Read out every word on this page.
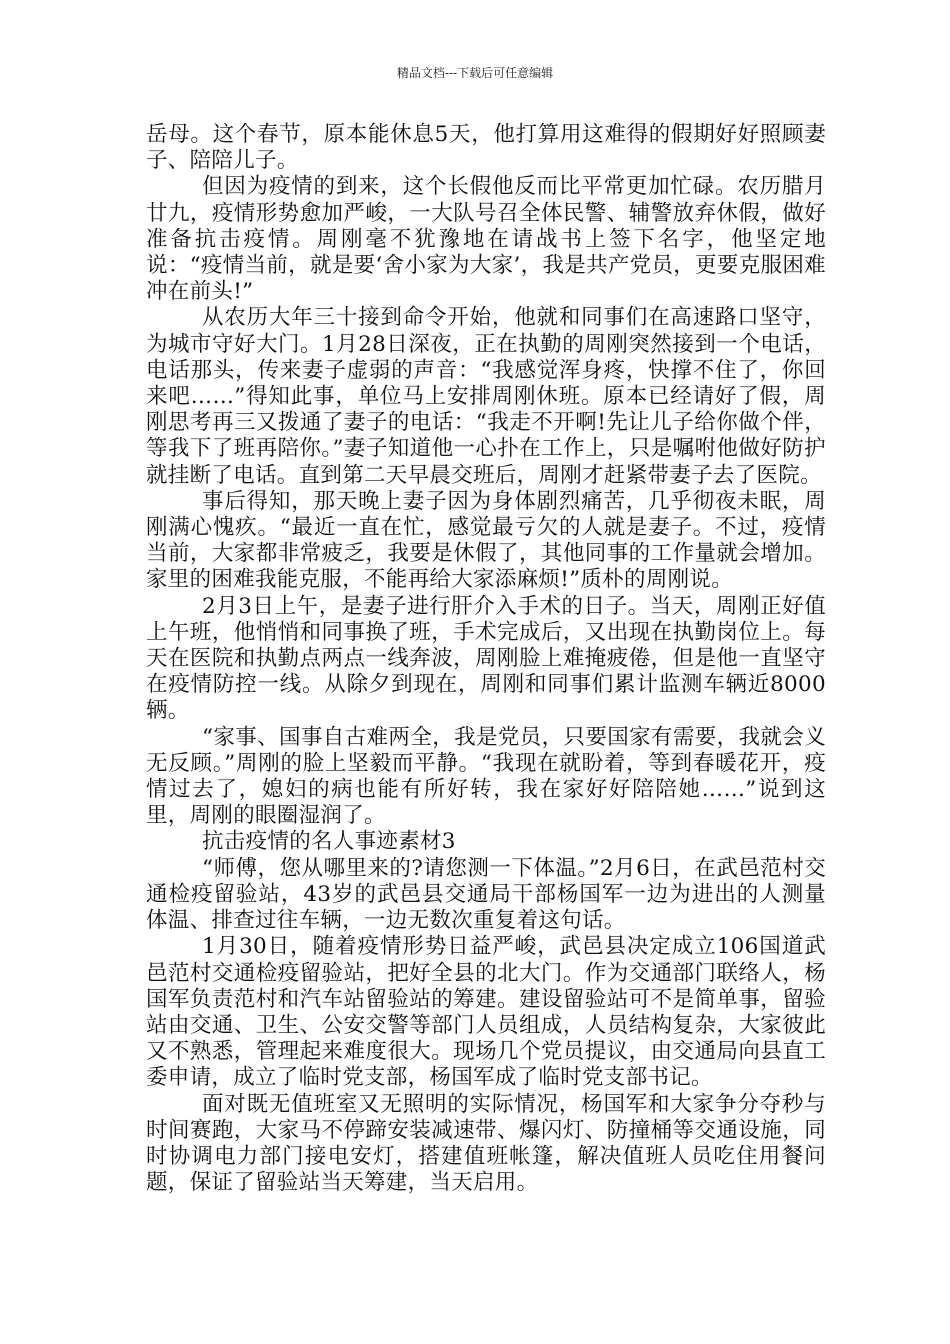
精品文档---下载后可任意编辑

岳母。这个春节，原本能休息5天，他打算用这难得的假期好好照顾妻子、陪陪儿子。

但因为疫情的到来，这个长假他反而比平常更加忙碌。农历腊月廿九，疫情形势愈加严峻，一大队号召全体民警、辅警放弃休假，做好准备抗击疫情。周刚毫不犹豫地在请战书上签下名字，他坚定地说：“疫情当前，就是要‘舍小家为大家’，我是共产党员，更要克服困难冲在前头!”

从农历大年三十接到命令开始，他就和同事们在高速路口坚守，为城市守好大门。1月28日深夜，正在执勤的周刚突然接到一个电话，电话那头，传来妻子虚弱的声音：“我感觉浑身疼，快撑不住了，你回来吧……”得知此事，单位马上安排周刚休班。原本已经请好了假，周刚思考再三又拨通了妻子的电话：“我走不开啊!先让儿子给你做个伴，等我下了班再陪你。”妻子知道他一心扑在工作上，只是嘱咐他做好防护就挂断了电话。直到第二天早晨交班后，周刚才赶紧带妻子去了医院。

事后得知，那天晚上妻子因为身体剧烈痛苦，几乎彻夜未眠，周刚满心愧疚。“最近一直在忙，感觉最亏欠的人就是妻子。不过，疫情当前，大家都非常疲乏，我要是休假了，其他同事的工作量就会增加。家里的困难我能克服，不能再给大家添麻烦!”质朴的周刚说。

2月3日上午，是妻子进行肝介入手术的日子。当天，周刚正好值上午班，他悄悄和同事换了班，手术完成后，又出现在执勤岗位上。每天在医院和执勤点两点一线奔波，周刚脸上难掩疲倦，但是他一直坚守在疫情防控一线。从除夕到现在，周刚和同事们累计监测车辆近8000辆。

“家事、国事自古难两全，我是党员，只要国家有需要，我就会义无反顾。”周刚的脸上坚毅而平静。“我现在就盼着，等到春暖花开，疫情过去了，媳妇的病也能有所好转，我在家好好陪陪她……”说到这里，周刚的眼圈湿润了。

抗击疫情的名人事迹素材3

“师傅，您从哪里来的?请您测一下体温。”2月6日，在武邑范村交通检疫留验站，43岁的武邑县交通局干部杨国军一边为进出的人测量体温、排查过往车辆，一边无数次重复着这句话。

1月30日，随着疫情形势日益严峻，武邑县决定成立106国道武邑范村交通检疫留验站，把好全县的北大门。作为交通部门联络人，杨国军负责范村和汽车站留验站的筹建。建设留验站可不是简单事，留验站由交通、卫生、公安交警等部门人员组成，人员结构复杂，大家彼此又不熟悉，管理起来难度很大。现场几个党员提议，由交通局向县直工委申请，成立了临时党支部，杨国军成了临时党支部书记。

面对既无值班室又无照明的实际情况，杨国军和大家争分夺秒与时间赛跑，大家马不停蹄安装减速带、爆闪灯、防撞桶等交通设施，同时协调电力部门接电安灯，搭建值班帐篷，解决值班人员吃住用餐问题，保证了留验站当天筹建，当天启用。
